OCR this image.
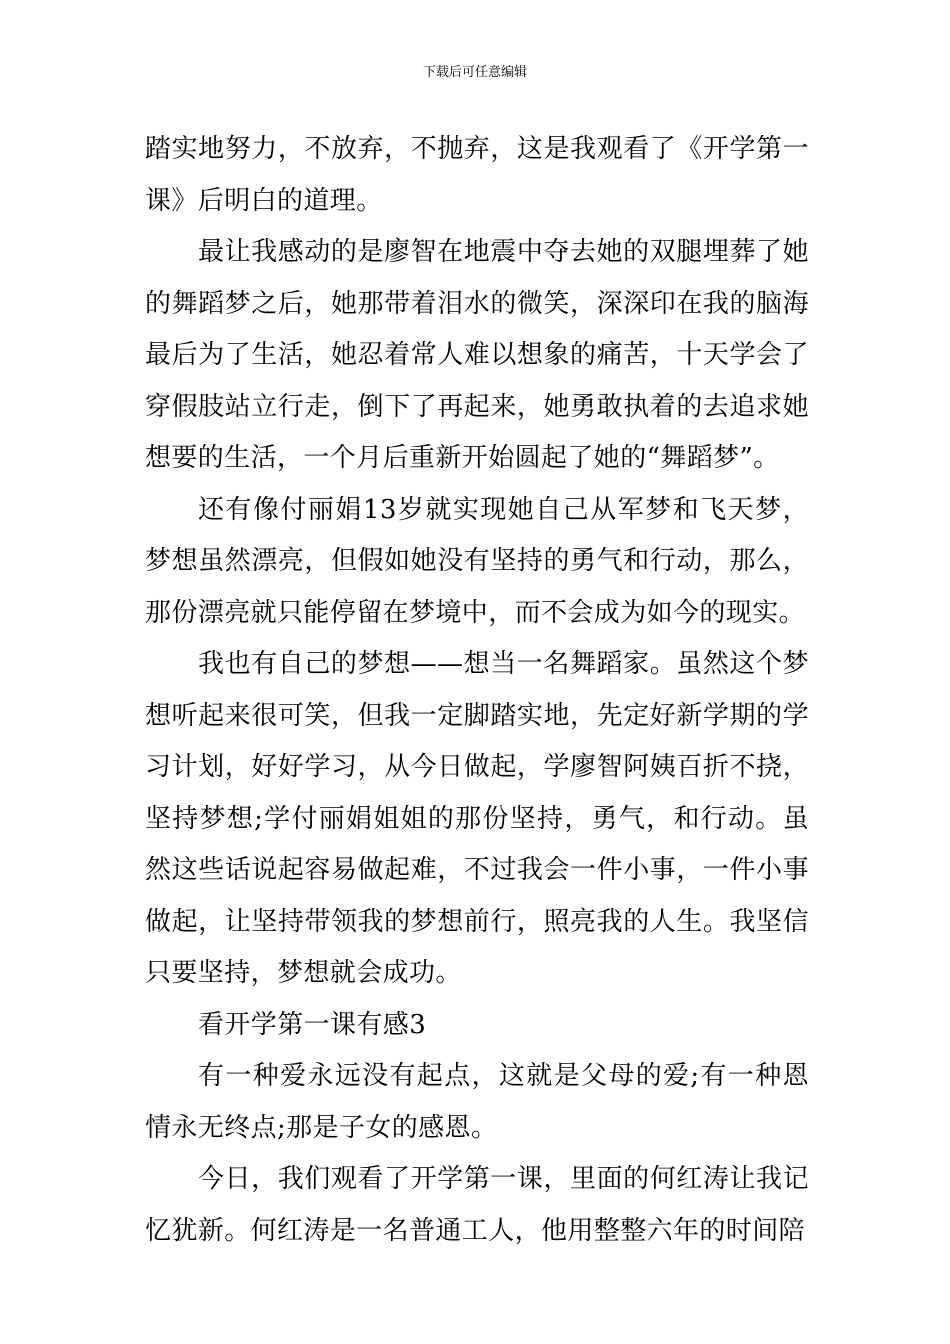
下载后可任意编辑

踏实地努力，不放弃，不抛弃，这是我观看了《开学第一课》后明白的道理。

最让我感动的是廖智在地震中夺去她的双腿埋葬了她的舞蹈梦之后，她那带着泪水的微笑，深深印在我的脑海最后为了生活，她忍着常人难以想象的痛苦，十天学会了穿假肢站立行走，倒下了再起来，她勇敢执着的去追求她想要的生活，一个月后重新开始圆起了她的“舞蹈梦”。

还有像付丽娟13岁就实现她自己从军梦和飞天梦，梦想虽然漂亮，但假如她没有坚持的勇气和行动，那么，那份漂亮就只能停留在梦境中，而不会成为如今的现实。

我也有自己的梦想——想当一名舞蹈家。虽然这个梦想听起来很可笑，但我一定脚踏实地，先定好新学期的学习计划，好好学习，从今日做起，学廖智阿姨百折不挠，坚持梦想;学付丽娟姐姐的那份坚持，勇气，和行动。虽然这些话说起容易做起难，不过我会一件小事，一件小事做起，让坚持带领我的梦想前行，照亮我的人生。我坚信只要坚持，梦想就会成功。

看开学第一课有感3

有一种爱永远没有起点，这就是父母的爱;有一种恩情永无终点;那是子女的感恩。

今日，我们观看了开学第一课，里面的何红涛让我记忆犹新。何红涛是一名普通工人，他用整整六年的时间陪
